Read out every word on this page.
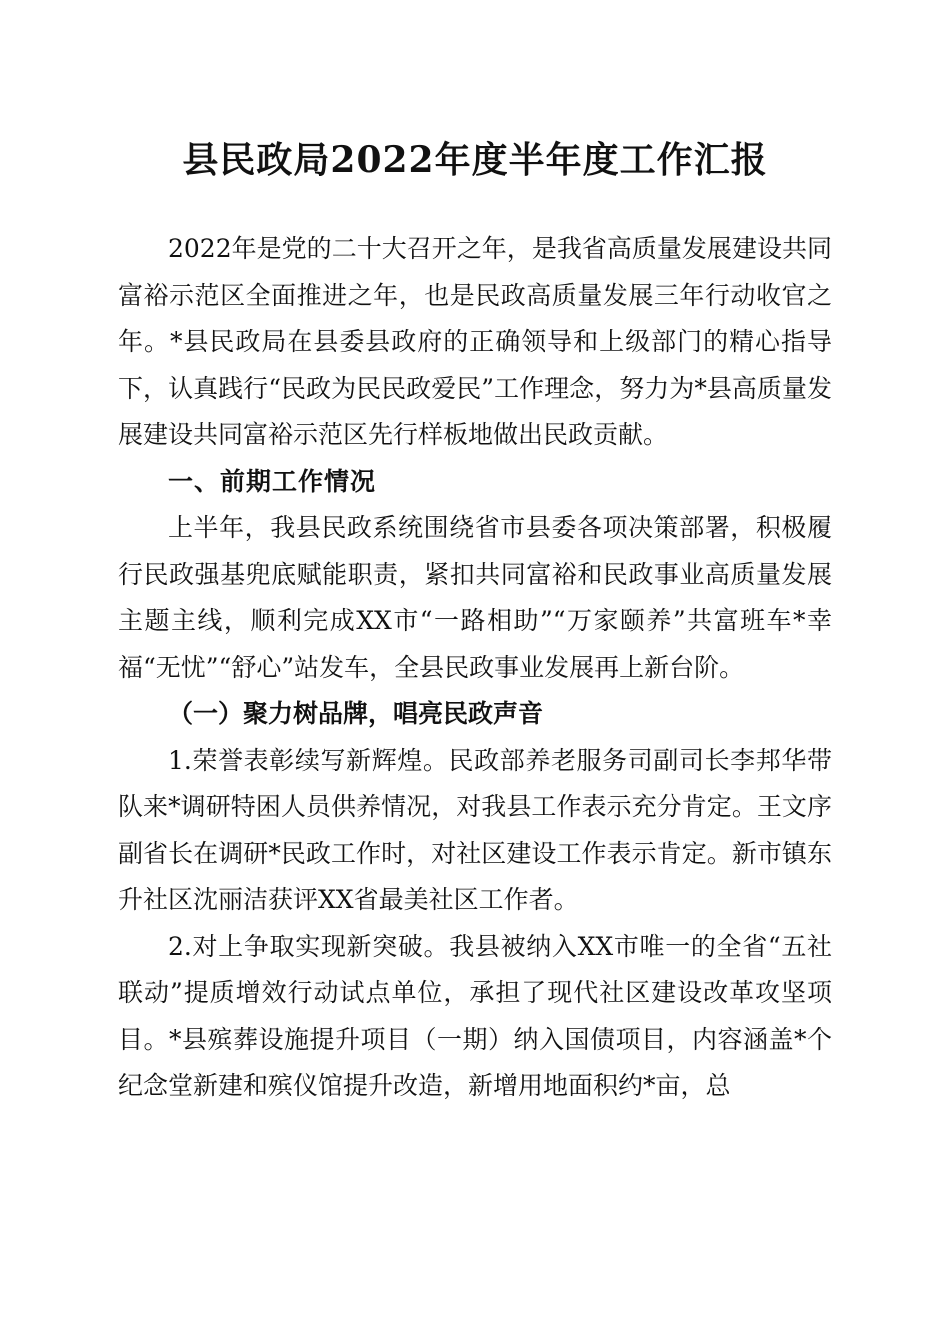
县民政局2022年度半年度工作汇报

2022年是党的二十大召开之年，是我省高质量发展建设共同富裕示范区全面推进之年，也是民政高质量发展三年行动收官之年。*县民政局在县委县政府的正确领导和上级部门的精心指导下，认真践行“民政为民民政爱民”工作理念，努力为*县高质量发展建设共同富裕示范区先行样板地做出民政贡献。

一、前期工作情况

上半年，我县民政系统围绕省市县委各项决策部署，积极履行民政强基兜底赋能职责，紧扣共同富裕和民政事业高质量发展主题主线，顺利完成XX市“一路相助”“万家颐养”共富班车*幸福“无忧”“舒心”站发车，全县民政事业发展再上新台阶。

（一）聚力树品牌，唱亮民政声音

1.荣誉表彰续写新辉煌。民政部养老服务司副司长李邦华带队来*调研特困人员供养情况，对我县工作表示充分肯定。王文序副省长在调研*民政工作时，对社区建设工作表示肯定。新市镇东升社区沈丽洁获评XX省最美社区工作者。

2.对上争取实现新突破。我县被纳入XX市唯一的全省“五社联动”提质增效行动试点单位，承担了现代社区建设改革攻坚项目。*县殡葬设施提升项目（一期）纳入国债项目，内容涵盖*个纪念堂新建和殡仪馆提升改造，新增用地面积约*亩，总
